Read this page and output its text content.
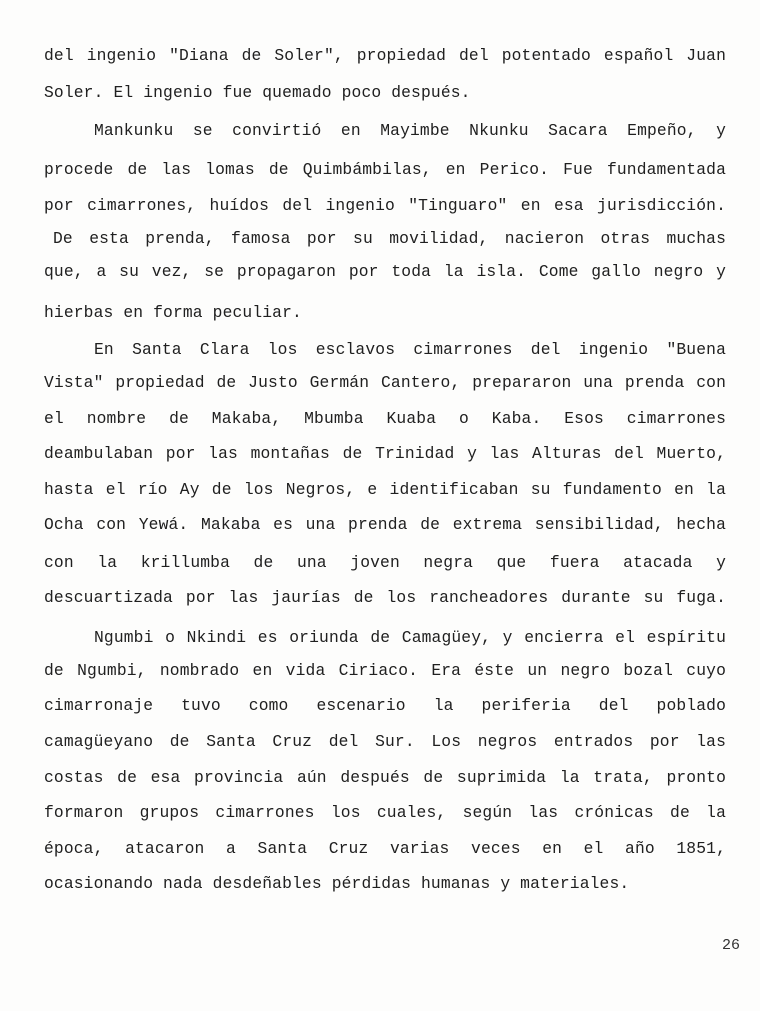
del ingenio "Diana de Soler", propiedad del potentado español Juan

Soler. El ingenio fue quemado poco después.

Mankunku se convirtió en Mayimbe Nkunku Sacara Empeño, y

procede de las lomas de Quimbámbilas, en Perico. Fue fundamentada

por cimarrones, huídos del ingenio "Tinguaro" en esa jurisdicción.

De esta prenda, famosa por su movilidad, nacieron otras muchas

que, a su vez, se propagaron por toda la isla. Come gallo negro y

hierbas en forma peculiar.

En Santa Clara los esclavos cimarrones del ingenio "Buena

Vista" propiedad de Justo Germán Cantero, prepararon una prenda con

el nombre de Makaba, Mbumba Kuaba o Kaba. Esos cimarrones

deambulaban por las montañas de Trinidad y las Alturas del Muerto,

hasta el río Ay de los Negros, e identificaban su fundamento en la

Ocha con Yewá. Makaba es una prenda de extrema sensibilidad, hecha

con la krillumba de una joven negra que fuera atacada y

descuartizada por las jaurías de los rancheadores durante su fuga.

Ngumbi o Nkindi es oriunda de Camagüey, y encierra el espíritu

de Ngumbi, nombrado en vida Ciriaco. Era éste un negro bozal cuyo

cimarronaje tuvo como escenario la periferia del poblado

camagüeyano de Santa Cruz del Sur. Los negros entrados por las

costas de esa provincia aún después de suprimida la trata, pronto

formaron grupos cimarrones los cuales, según las crónicas de la

época, atacaron a Santa Cruz varias veces en el año 1851,

ocasionando nada desdeñables pérdidas humanas y materiales.

26
